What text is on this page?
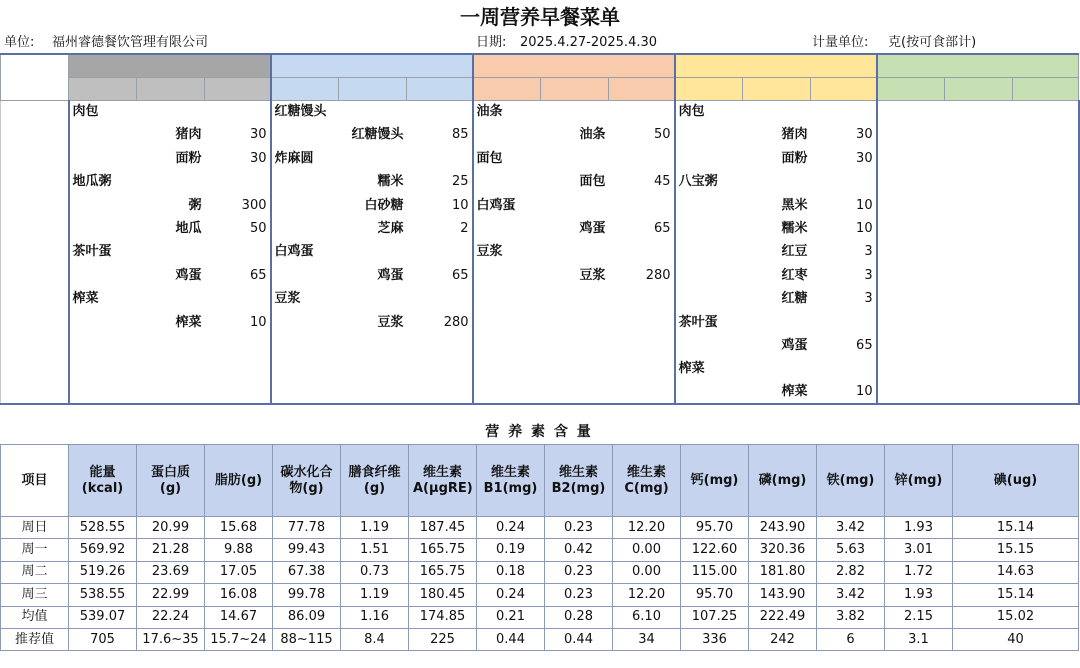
一周营养早餐菜单
单位:	福州睿德餐饮管理有限公司	日期:	2025.4.27-2025.4.30	计量单位:	克(按可食部计)

	肉包			红糖馒头			油条			肉包					
		猪肉	30		红糖馒头	85		油条	50		猪肉	30			
		面粉	30	炸麻圆			面包				面粉	30			
	地瓜粥				糯米	25		面包	45	八宝粥					
		粥	300		白砂糖	10	白鸡蛋				黑米	10			
		地瓜	50		芝麻	2		鸡蛋	65		糯米	10			
	茶叶蛋			白鸡蛋			豆浆				红豆	3			
		鸡蛋	65		鸡蛋	65		豆浆	280		红枣	3			
	榨菜			豆浆							红糖	3			
		榨菜	10		豆浆	280				茶叶蛋					
											鸡蛋	65			
										榨菜					
											榨菜	10			
营 养 素 含 量
项目	能量(kcal)	蛋白质(g)	脂肪(g)	碳水化合物(g)	膳食纤维(g)	维生素A(μgRE)	维生素B1(mg)	维生素B2(mg)	维生素C(mg)	钙(mg)	磷(mg)	铁(mg)	锌(mg)	碘(ug)
周日	528.55	20.99	15.68	77.78	1.19	187.45	0.24	0.23	12.20	95.70	243.90	3.42	1.93	15.14
周一	569.92	21.28	9.88	99.43	1.51	165.75	0.19	0.42	0.00	122.60	320.36	5.63	3.01	15.15
周二	519.26	23.69	17.05	67.38	0.73	165.75	0.18	0.23	0.00	115.00	181.80	2.82	1.72	14.63
周三	538.55	22.99	16.08	99.78	1.19	180.45	0.24	0.23	12.20	95.70	143.90	3.42	1.93	15.14
均值	539.07	22.24	14.67	86.09	1.16	174.85	0.21	0.28	6.10	107.25	222.49	3.82	2.15	15.02
推荐值	705	17.6~35	15.7~24	88~115	8.4	225	0.44	0.44	34	336	242	6	3.1	40
